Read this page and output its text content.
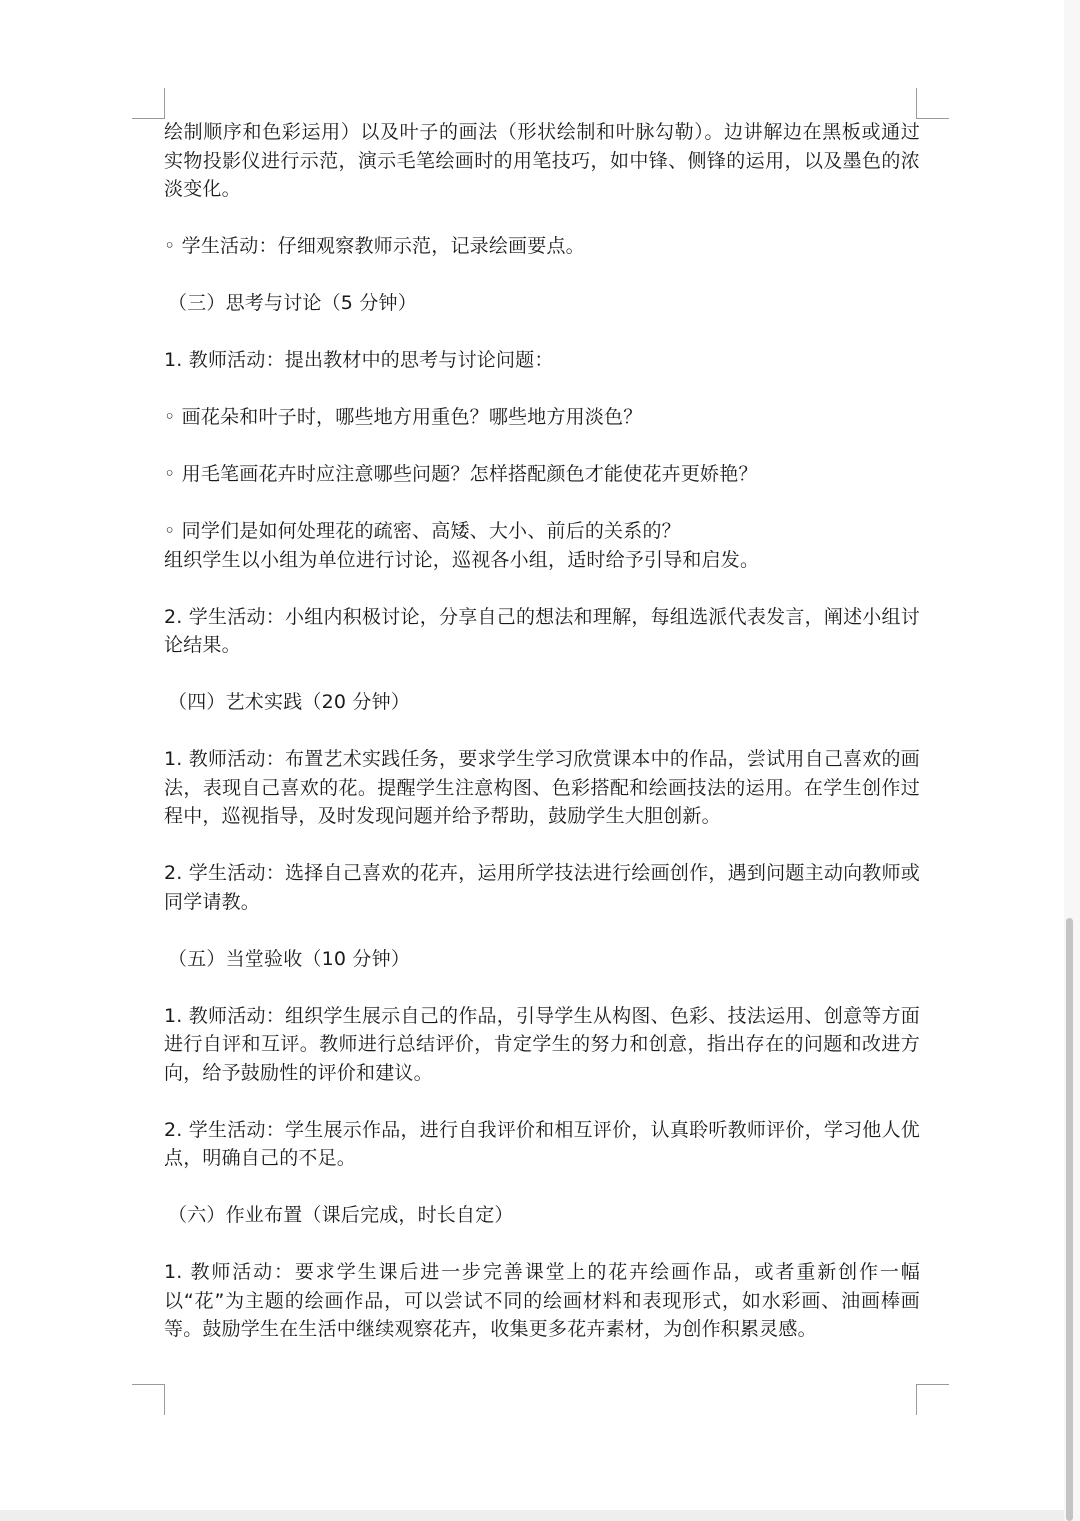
绘制顺序和色彩运用）以及叶子的画法（形状绘制和叶脉勾勒）。边讲解边在黑板或通过实物投影仪进行示范，演示毛笔绘画时的用笔技巧，如中锋、侧锋的运用，以及墨色的浓淡变化。

◦ 学生活动：仔细观察教师示范，记录绘画要点。

（三）思考与讨论（5 分钟）

1. 教师活动：提出教材中的思考与讨论问题：

◦ 画花朵和叶子时，哪些地方用重色？哪些地方用淡色？

◦ 用毛笔画花卉时应注意哪些问题？怎样搭配颜色才能使花卉更娇艳？

◦ 同学们是如何处理花的疏密、高矮、大小、前后的关系的？

组织学生以小组为单位进行讨论，巡视各小组，适时给予引导和启发。

2. 学生活动：小组内积极讨论，分享自己的想法和理解，每组选派代表发言，阐述小组讨论结果。

（四）艺术实践（20 分钟）

1. 教师活动：布置艺术实践任务，要求学生学习欣赏课本中的作品，尝试用自己喜欢的画法，表现自己喜欢的花。提醒学生注意构图、色彩搭配和绘画技法的运用。在学生创作过程中，巡视指导，及时发现问题并给予帮助，鼓励学生大胆创新。

2. 学生活动：选择自己喜欢的花卉，运用所学技法进行绘画创作，遇到问题主动向教师或同学请教。

（五）当堂验收（10 分钟）

1. 教师活动：组织学生展示自己的作品，引导学生从构图、色彩、技法运用、创意等方面进行自评和互评。教师进行总结评价，肯定学生的努力和创意，指出存在的问题和改进方向，给予鼓励性的评价和建议。

2. 学生活动：学生展示作品，进行自我评价和相互评价，认真聆听教师评价，学习他人优点，明确自己的不足。

（六）作业布置（课后完成，时长自定）

1. 教师活动：要求学生课后进一步完善课堂上的花卉绘画作品，或者重新创作一幅以“花”为主题的绘画作品，可以尝试不同的绘画材料和表现形式，如水彩画、油画棒画等。鼓励学生在生活中继续观察花卉，收集更多花卉素材，为创作积累灵感。
